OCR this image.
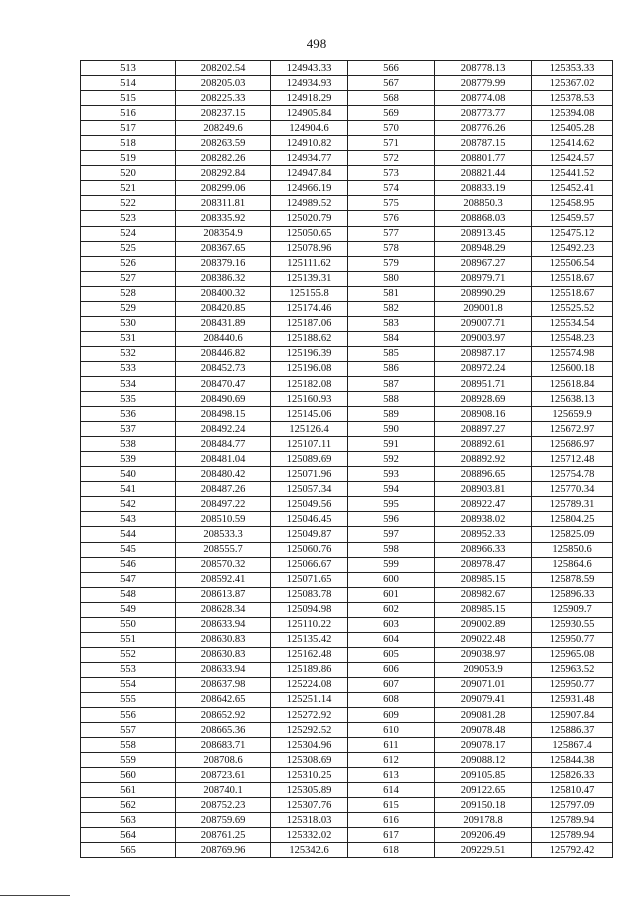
498
513	208202.54	124943.33	566	208778.13	125353.33
514	208205.03	124934.93	567	208779.99	125367.02
515	208225.33	124918.29	568	208774.08	125378.53
516	208237.15	124905.84	569	208773.77	125394.08
517	208249.6	124904.6	570	208776.26	125405.28
518	208263.59	124910.82	571	208787.15	125414.62
519	208282.26	124934.77	572	208801.77	125424.57
520	208292.84	124947.84	573	208821.44	125441.52
521	208299.06	124966.19	574	208833.19	125452.41
522	208311.81	124989.52	575	208850.3	125458.95
523	208335.92	125020.79	576	208868.03	125459.57
524	208354.9	125050.65	577	208913.45	125475.12
525	208367.65	125078.96	578	208948.29	125492.23
526	208379.16	125111.62	579	208967.27	125506.54
527	208386.32	125139.31	580	208979.71	125518.67
528	208400.32	125155.8	581	208990.29	125518.67
529	208420.85	125174.46	582	209001.8	125525.52
530	208431.89	125187.06	583	209007.71	125534.54
531	208440.6	125188.62	584	209003.97	125548.23
532	208446.82	125196.39	585	208987.17	125574.98
533	208452.73	125196.08	586	208972.24	125600.18
534	208470.47	125182.08	587	208951.71	125618.84
535	208490.69	125160.93	588	208928.69	125638.13
536	208498.15	125145.06	589	208908.16	125659.9
537	208492.24	125126.4	590	208897.27	125672.97
538	208484.77	125107.11	591	208892.61	125686.97
539	208481.04	125089.69	592	208892.92	125712.48
540	208480.42	125071.96	593	208896.65	125754.78
541	208487.26	125057.34	594	208903.81	125770.34
542	208497.22	125049.56	595	208922.47	125789.31
543	208510.59	125046.45	596	208938.02	125804.25
544	208533.3	125049.87	597	208952.33	125825.09
545	208555.7	125060.76	598	208966.33	125850.6
546	208570.32	125066.67	599	208978.47	125864.6
547	208592.41	125071.65	600	208985.15	125878.59
548	208613.87	125083.78	601	208982.67	125896.33
549	208628.34	125094.98	602	208985.15	125909.7
550	208633.94	125110.22	603	209002.89	125930.55
551	208630.83	125135.42	604	209022.48	125950.77
552	208630.83	125162.48	605	209038.97	125965.08
553	208633.94	125189.86	606	209053.9	125963.52
554	208637.98	125224.08	607	209071.01	125950.77
555	208642.65	125251.14	608	209079.41	125931.48
556	208652.92	125272.92	609	209081.28	125907.84
557	208665.36	125292.52	610	209078.48	125886.37
558	208683.71	125304.96	611	209078.17	125867.4
559	208708.6	125308.69	612	209088.12	125844.38
560	208723.61	125310.25	613	209105.85	125826.33
561	208740.1	125305.89	614	209122.65	125810.47
562	208752.23	125307.76	615	209150.18	125797.09
563	208759.69	125318.03	616	209178.8	125789.94
564	208761.25	125332.02	617	209206.49	125789.94
565	208769.96	125342.6	618	209229.51	125792.42
